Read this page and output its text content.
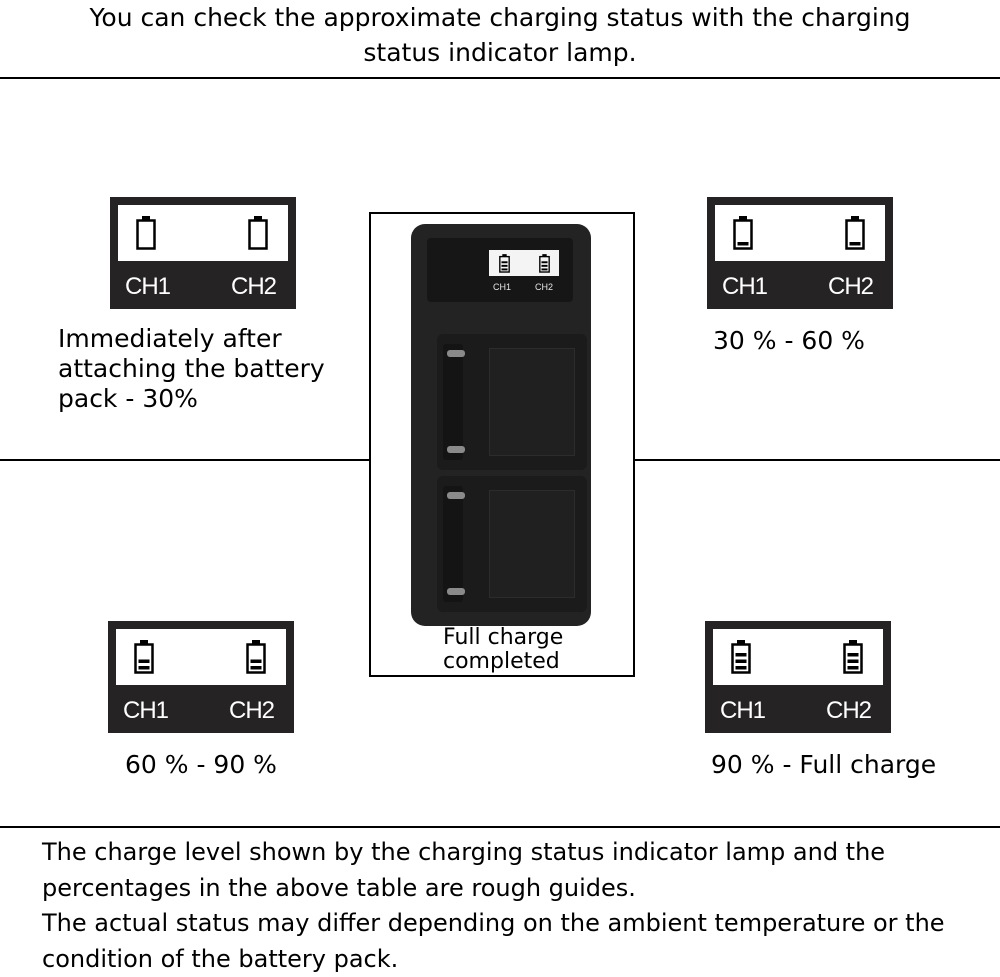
You can check the approximate charging status with the charging
status indicator lamp.
CH1	CH2
Immediately after
attaching the battery
pack - 30%
CH1	CH2
30 % - 60 %
CH1	CH2
Full charge
completed
CH1	CH2
60 % - 90 %
CH1	CH2
90 % - Full charge
The charge level shown by the charging status indicator lamp and the percentages in the above table are rough guides.
The actual status may differ depending on the ambient temperature or the condition of the battery pack.
